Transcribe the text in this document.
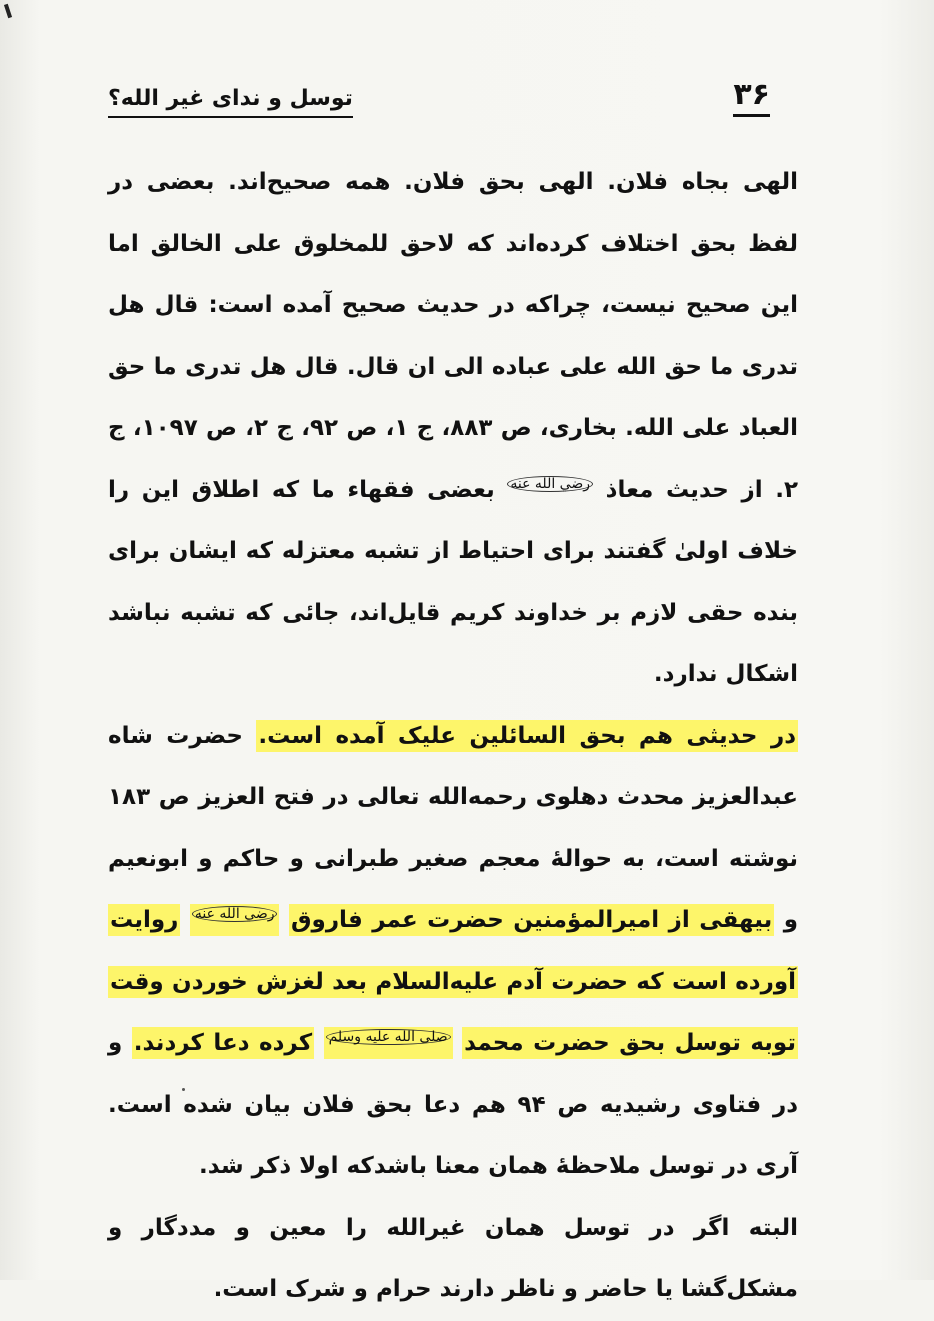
۳۶
توسل و ندای غیر الله؟

الهی بجاه فلان. الهی بحق فلان. همه صحیح‌اند. بعضی در لفظ بحق اختلاف کرده‌اند که لاحق للمخلوق علی الخالق اما این صحیح نیست، چراکه در حدیث صحیح آمده است: قال هل تدری ما حق الله علی عباده الی ان قال. قال هل تدری ما حق العباد علی الله. بخاری، ص ۸۸۳، ج ۱، ص ۹۲، ج ۲، ص ۱۰۹۷، ج ۲. از حدیث معاذ رضي الله عنه بعضی فقهاء ما که اطلاق این را خلاف اولیٰ گفتند برای احتیاط از تشبه معتزله که ایشان برای بنده حقی لازم بر خداوند کریم قایل‌اند، جائی که تشبه نباشد اشکال ندارد.

در حدیثی هم بحق السائلین علیک آمده است. حضرت شاه عبدالعزیز محدث دهلوی رحمه‌الله تعالی در فتح العزیز ص ۱۸۳ نوشته است، به حوالهٔ معجم صغیر طبرانی و حاکم و ابونعیم و بیهقی از امیرالمؤمنین حضرت عمر فاروق رضي الله عنه روایت آورده است که حضرت آدم علیه‌السلام بعد لغزش خوردن وقت توبه توسل بحق حضرت محمد صلى الله عليه وسلم کرده دعا کردند. و در فتاوی رشیدیه ص ۹۴ هم دعا بحق فلان بیان شده است. آری در توسل ملاحظهٔ همان معنا باشدکه اولا ذکر شد.

البته اگر در توسل همان غیرالله را معین و مددگار و مشکل‌گشا یا حاضر و ناظر دارند حرام و شرک است.
